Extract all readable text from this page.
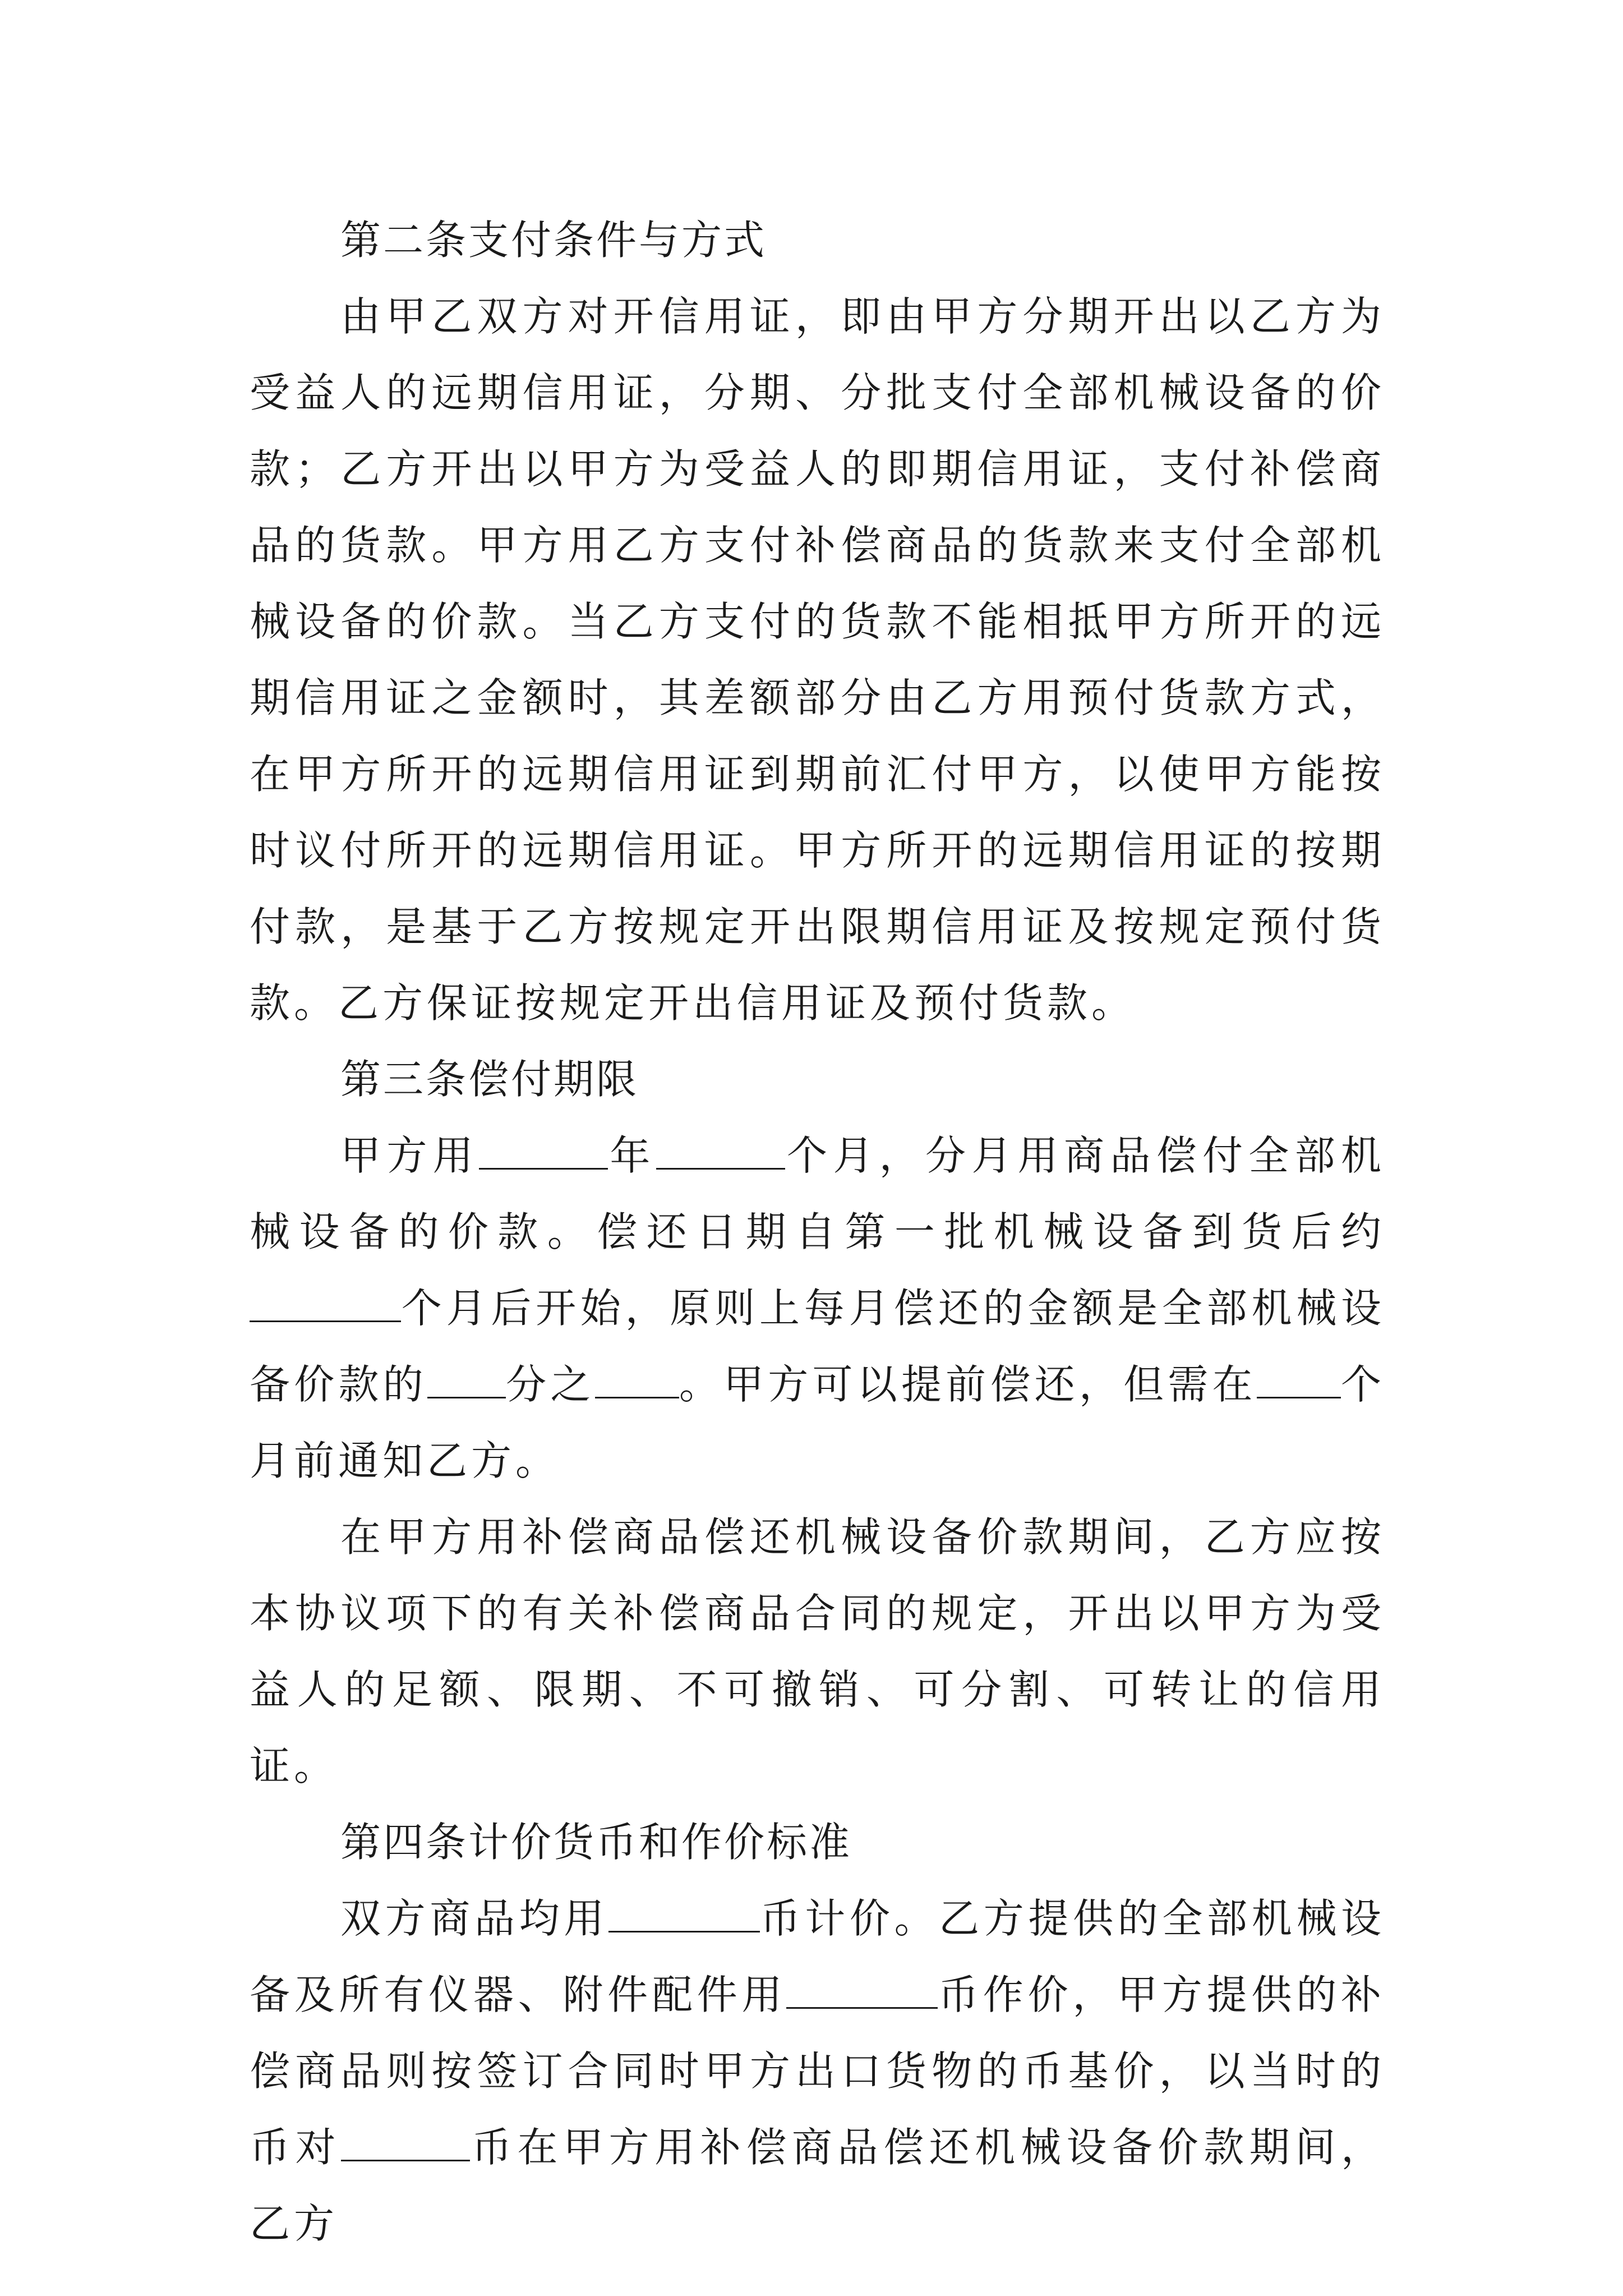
第二条支付条件与方式

由甲乙双方对开信用证，即由甲方分期开出以乙方为受益人的远期信用证，分期、分批支付全部机械设备的价款；乙方开出以甲方为受益人的即期信用证，支付补偿商品的货款。甲方用乙方支付补偿商品的货款来支付全部机械设备的价款。当乙方支付的货款不能相抵甲方所开的远期信用证之金额时，其差额部分由乙方用预付货款方式，在甲方所开的远期信用证到期前汇付甲方，以使甲方能按时议付所开的远期信用证。甲方所开的远期信用证的按期付款，是基于乙方按规定开出限期信用证及按规定预付货款。乙方保证按规定开出信用证及预付货款。

第三条偿付期限

甲方用	年	个月，分月用商品偿付全部机械设备的价款。偿还日期自第一批机械设备到货后约个月后开始，原则上每月偿还的金额是全部机械设备价款的 分之 。甲方可以提前偿还，但需在 个月前通知乙方。

在甲方用补偿商品偿还机械设备价款期间，乙方应按本协议项下的有关补偿商品合同的规定，开出以甲方为受益人的足额、限期、不可撤销、可分割、可转让的信用证。

第四条计价货币和作价标准

双方商品均用	币计价。乙方提供的全部机械设备及所有仪器、附件配件用	币作价，甲方提供的补偿商品则按签订合同时甲方出口货物的币基价，以当时的币对	币在甲方用补偿商品偿还机械设备价款期间，乙方
